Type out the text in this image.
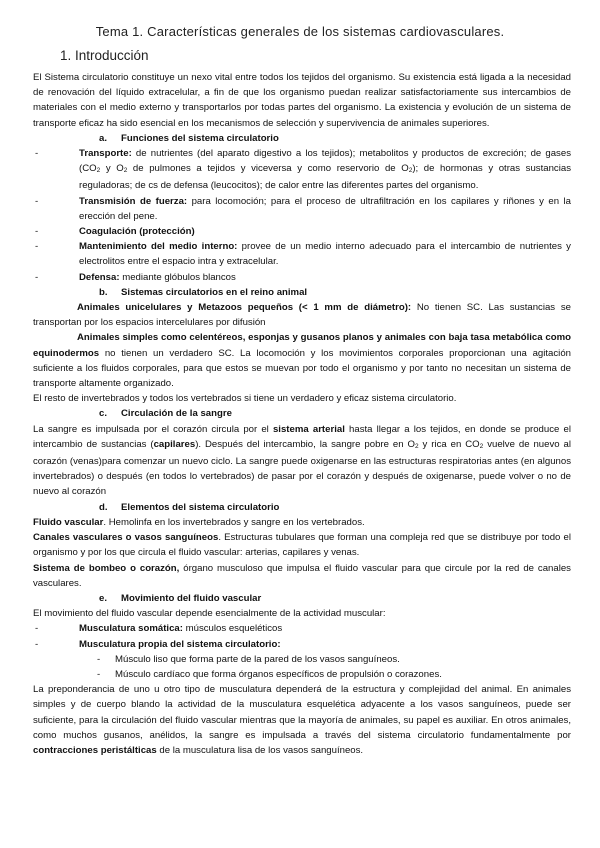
Tema 1. Características generales de los sistemas cardiovasculares.
1. Introducción

El Sistema circulatorio constituye un nexo vital entre todos los tejidos del organismo. Su existencia está ligada a la necesidad de renovación del líquido extracelular, a fin de que los organismo puedan realizar satisfactoriamente sus intercambios de materiales con el medio externo y transportarlos por todas partes del organismo. La existencia y evolución de un sistema de transporte eficaz ha sido esencial en los mecanismos de selección y supervivencia de animales superiores.

a. Funciones del sistema circulatorio
-	Transporte: de nutrientes (del aparato digestivo a los tejidos); metabolitos y productos de excreción; de gases ($CO_2$ y $O_2$ de pulmones a tejidos y viceversa y como reservorio de $O_2$); de hormonas y otras sustancias reguladoras; de cs de defensa (leucocitos); de calor entre las diferentes partes del organismo.
-	Transmisión de fuerza: para locomoción; para el proceso de ultrafiltración en los capilares y riñones y en la erección del pene.
-	Coagulación (protección)
-	Mantenimiento del medio interno: provee de un medio interno adecuado para el intercambio de nutrientes y electrolitos entre el espacio intra y extracelular.
-	Defensa: mediante glóbulos blancos
b. Sistemas circulatorios en el reino animal

Animales unicelulares y Metazoos pequeños (< 1 mm de diámetro): No tienen SC. Las sustancias se transportan por los espacios intercelulares por difusión

Animales simples como celentéreos, esponjas y gusanos planos y animales con baja tasa metabólica como equinodermos no tienen un verdadero SC. La locomoción y los movimientos corporales proporcionan una agitación suficiente a los fluidos corporales, para que estos se muevan por todo el organismo y por tanto no necesitan un sistema de transporte altamente organizado.

El resto de invertebrados y todos los vertebrados si tiene un verdadero y eficaz sistema circulatorio.

c. Circulación de la sangre

La sangre es impulsada por el corazón circula por el sistema arterial hasta llegar a los tejidos, en donde se produce el intercambio de sustancias (capilares). Después del intercambio, la sangre pobre en $O_2$ y rica en $CO_2$ vuelve de nuevo al corazón (venas)para comenzar un nuevo ciclo. La sangre puede oxigenarse en las estructuras respiratorias antes (en algunos invertebrados) o después (en todos lo vertebrados) de pasar por el corazón y después de oxigenarse, puede volver o no de nuevo al corazón

d. Elementos del sistema circulatorio

Fluido vascular. Hemolinfa en los invertebrados y sangre en los vertebrados.

Canales vasculares o vasos sanguíneos. Estructuras tubulares que forman una compleja red que se distribuye por todo el organismo y por los que circula el fluido vascular: arterias, capilares y venas.

Sistema de bombeo o corazón, órgano musculoso que impulsa el fluido vascular para que circule por la red de canales vasculares.

e. Movimiento del fluido vascular

El movimiento del fluido vascular depende esencialmente de la actividad muscular:

-	Musculatura somática: músculos esqueléticos
-	Musculatura propia del sistema circulatorio:
- Músculo liso que forma parte de la pared de los vasos sanguíneos.
- Músculo cardíaco que forma órganos específicos de propulsión o corazones.

La preponderancia de uno u otro tipo de musculatura dependerá de la estructura y complejidad del animal. En animales simples y de cuerpo blando la actividad de la musculatura esquelética adyacente a los vasos sanguíneos, puede ser suficiente, para la circulación del fluido vascular mientras que la mayoría de animales, su papel es auxiliar. En otros animales, como muchos gusanos, anélidos, la sangre es impulsada a través del sistema circulatorio fundamentalmente por contracciones peristálticas de la musculatura lisa de los vasos sanguíneos.
